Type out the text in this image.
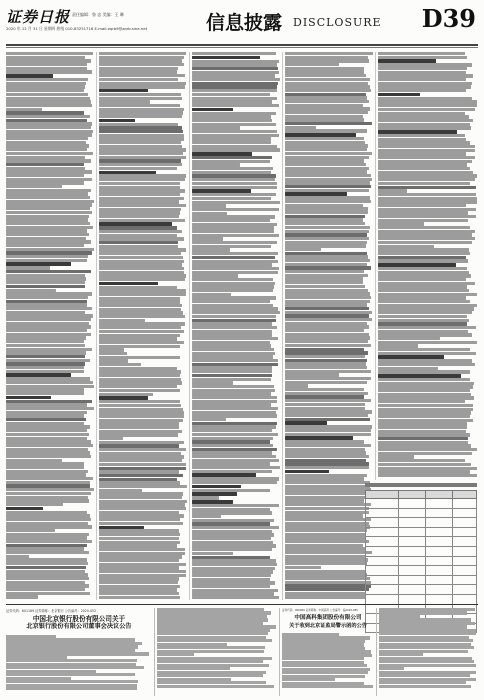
证券日报 责任编辑：鲁 忠 美编：王 琳
2020 年 12 月 31 日 星期四 热线 010-83251716 E-mail:zqrb9@zqrb.sina.net	信息披露 DISCLOSURE D39

证券代码：601169 证券简称：北京银行 公告编号：2020-052
中国北京银行股份有限公司关于
北京银行股份有限公司董事会决议公告
证券代码：000000 证券简称：中国高科 公告编号：临2020-085
中国高科集团股份有限公司
关于收到北京证监局警示函的公告
